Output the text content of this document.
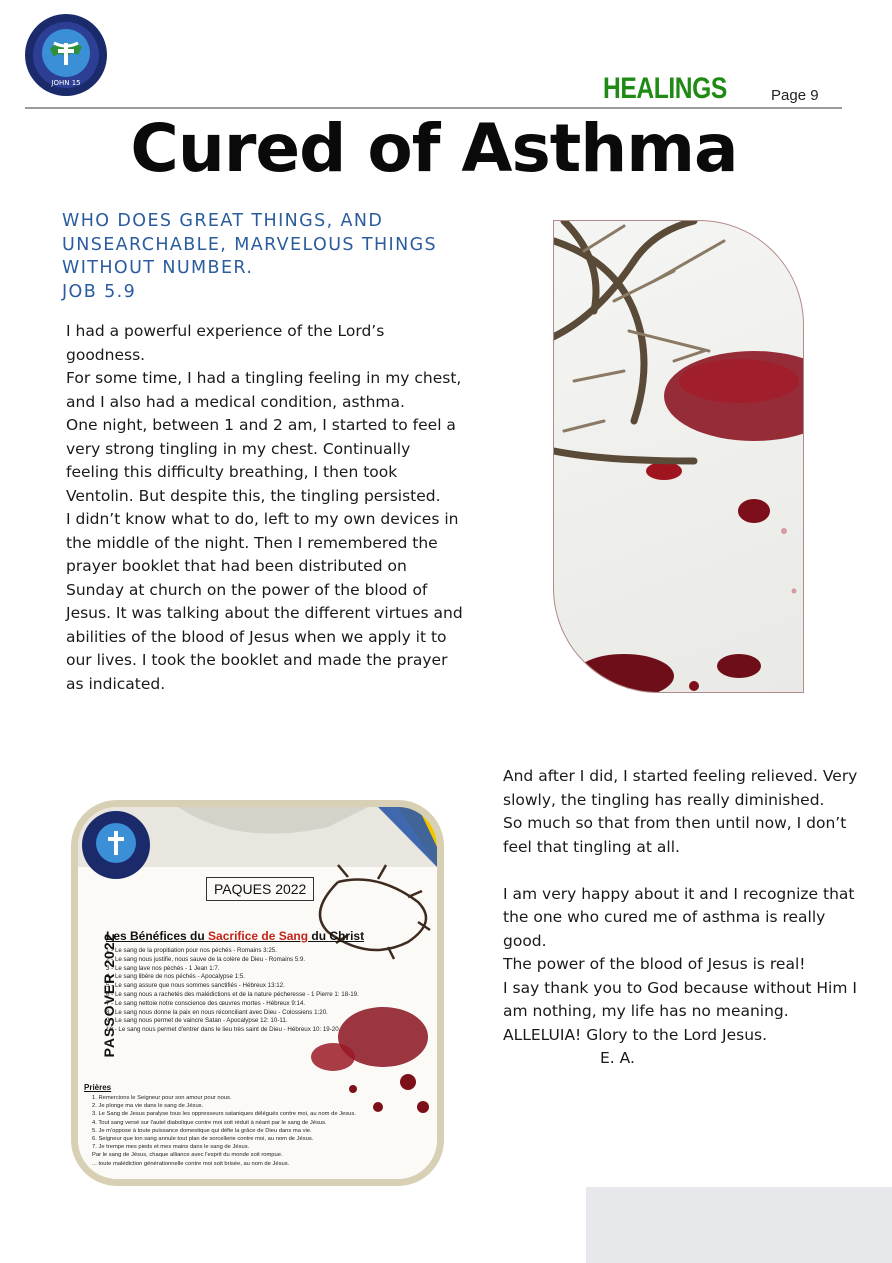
JOHN 15	HEALINGS	Page 9
Cured of Asthma
WHO DOES GREAT THINGS, AND
UNSEARCHABLE, MARVELOUS THINGS
WITHOUT NUMBER.
JOB 5.9

I had a powerful experience of the Lord’s goodness.

For some time, I had a tingling feeling in my chest, and I also had a medical condition, asthma.

One night, between 1 and 2 am, I started to feel a very strong tingling in my chest. Continually feeling this difficulty breathing, I then took Ventolin. But despite this, the tingling persisted.

I didn’t know what to do, left to my own devices in the middle of the night. Then I remembered the prayer booklet that had been distributed on Sunday at church on the power of the blood of Jesus. It was talking about the different virtues and abilities of the blood of Jesus when we apply it to our lives. I took the booklet and made the prayer as indicated.

And after I did, I started feeling relieved. Very slowly, the tingling has really diminished.

So much so that from then until now, I don’t feel that tingling at all.

I am very happy about it and I recognize that the one who cured me of asthma is really good.

The power of the blood of Jesus is real!

I say thank you to God because without Him I am nothing, my life has no meaning.

ALLELUIA! Glory to the Lord Jesus.

E. A.

PAQUES 2022
PASSOVER 2022
Les Bénéfices du Sacrifice de Sang du Christ
1 - Le sang de la propitiation pour nos péchés - Romains 3:25.
2 - Le sang nous justifie, nous sauve de la colère de Dieu - Romains 5:9.
3 - Le sang lave nos péchés - 1 Jean 1:7.
4 - Le sang libère de nos péchés - Apocalypse 1:5.
5 - Le sang assure que nous sommes sanctifiés - Hébreux 13:12.
6 - Le sang nous a rachetés des malédictions et de la nature pécheresse - 1 Pierre 1: 18-19.
7 - Le sang nettoie notre conscience des œuvres mortes - Hébreux 9:14.
8 - Le sang nous donne la paix en nous réconciliant avec Dieu - Colossiens 1:20.
9 - Le sang nous permet de vaincre Satan - Apocalypse 12: 10-11.
10 - Le sang nous permet d'entrer dans le lieu très saint de Dieu - Hébreux 10: 19-20.
Prières
1. Remercions le Seigneur pour son amour pour nous.
2. Je plonge ma vie dans le sang de Jésus.
3. Le Sang de Jesus paralyse tous les oppresseurs sataniques délégués contre moi, au nom de Jesus.
4. Tout sang versé sur l'autel diabolique contre moi soit réduit à néant par le sang de Jésus.
5. Je m'oppose à toute puissance domestique qui défie la grâce de Dieu dans ma vie.
6. Seigneur que ton sang annule tout plan de sorcellerie contre moi, au nom de Jésus.
7. Je trempe mes pieds et mes mains dans le sang de Jésus.
Par le sang de Jésus, chaque alliance avec l'esprit du monde soit rompue.
... toute malédiction générationnelle contre moi soit brisée, au nom de Jésus.
